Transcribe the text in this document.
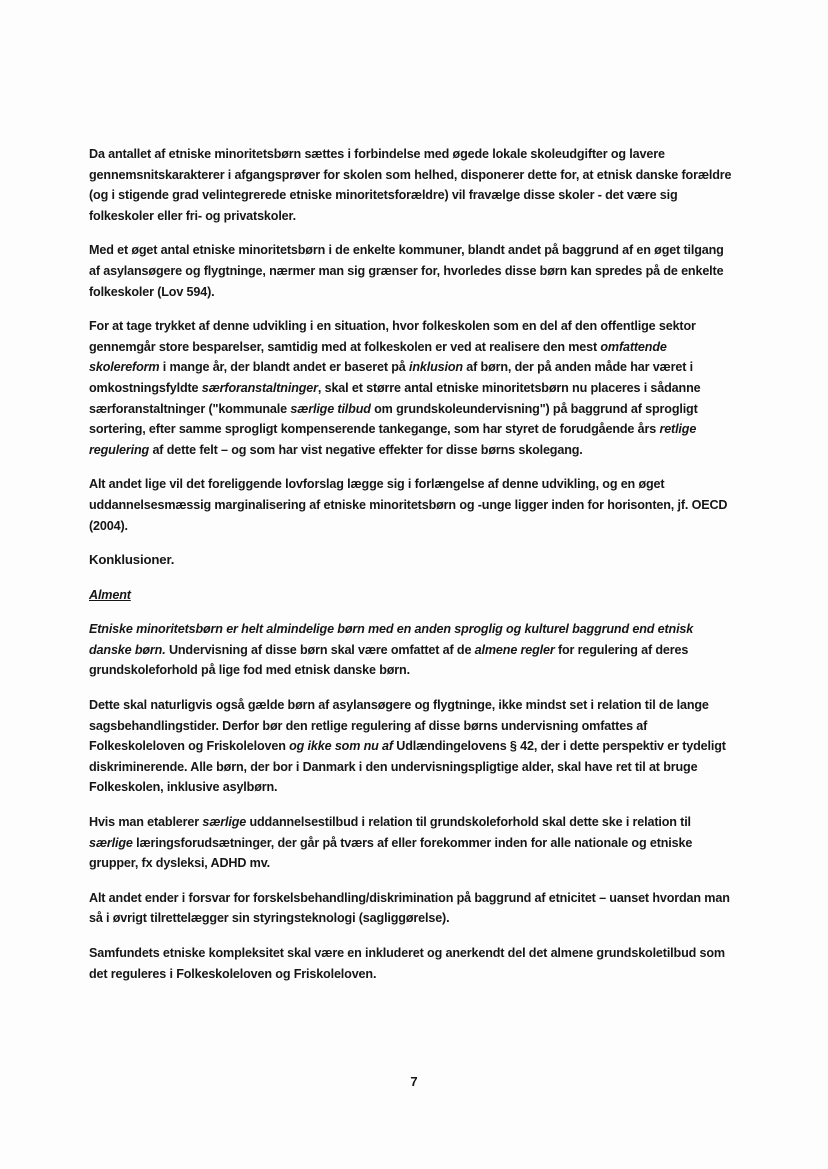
Da antallet af etniske minoritetsbørn sættes i forbindelse med øgede lokale skoleudgifter og lavere gennemsnitskarakterer i afgangsprøver for skolen som helhed, disponerer dette for, at etnisk danske forældre (og i stigende grad velintegrerede etniske minoritetsforældre) vil fravælge disse skoler - det være sig folkeskoler eller fri- og privatskoler.

Med et øget antal etniske minoritetsbørn i de enkelte kommuner, blandt andet på baggrund af en øget tilgang af asylansøgere og flygtninge, nærmer man sig grænser for, hvorledes disse børn kan spredes på de enkelte folkeskoler (Lov 594).

For at tage trykket af denne udvikling i en situation, hvor folkeskolen som en del af den offentlige sektor gennemgår store besparelser, samtidig med at folkeskolen er ved at realisere den mest omfattende skolereform i mange år, der blandt andet er baseret på inklusion af børn, der på anden måde har været i omkostningsfyldte særforanstaltninger, skal et større antal etniske minoritetsbørn nu placeres i sådanne særforanstaltninger ("kommunale særlige tilbud om grundskoleundervisning") på baggrund af sprogligt sortering, efter samme sprogligt kompenserende tankegange, som har styret de forudgående års retlige regulering af dette felt – og som har vist negative effekter for disse børns skolegang.

Alt andet lige vil det foreliggende lovforslag lægge sig i forlængelse af denne udvikling, og en øget uddannelsesmæssig marginalisering af etniske minoritetsbørn og -unge ligger inden for horisonten, jf. OECD (2004).

Konklusioner.

Alment

Etniske minoritetsbørn er helt almindelige børn med en anden sproglig og kulturel baggrund end etnisk danske børn. Undervisning af disse børn skal være omfattet af de almene regler for regulering af deres grundskoleforhold på lige fod med etnisk danske børn.

Dette skal naturligvis også gælde børn af asylansøgere og flygtninge, ikke mindst set i relation til de lange sagsbehandlingstider. Derfor bør den retlige regulering af disse børns undervisning omfattes af Folkeskoleloven og Friskoleloven og ikke som nu af Udlændingelovens § 42, der i dette perspektiv er tydeligt diskriminerende. Alle børn, der bor i Danmark i den undervisningspligtige alder, skal have ret til at bruge Folkeskolen, inklusive asylbørn.

Hvis man etablerer særlige uddannelsestilbud i relation til grundskoleforhold skal dette ske i relation til særlige læringsforudsætninger, der går på tværs af eller forekommer inden for alle nationale og etniske grupper, fx dysleksi, ADHD mv.

Alt andet ender i forsvar for forskelsbehandling/diskrimination på baggrund af etnicitet – uanset hvordan man så i øvrigt tilrettelægger sin styringsteknologi (sagliggørelse).

Samfundets etniske kompleksitet skal være en inkluderet og anerkendt del det almene grundskoletilbud som det reguleres i Folkeskoleloven og Friskoleloven.

7
